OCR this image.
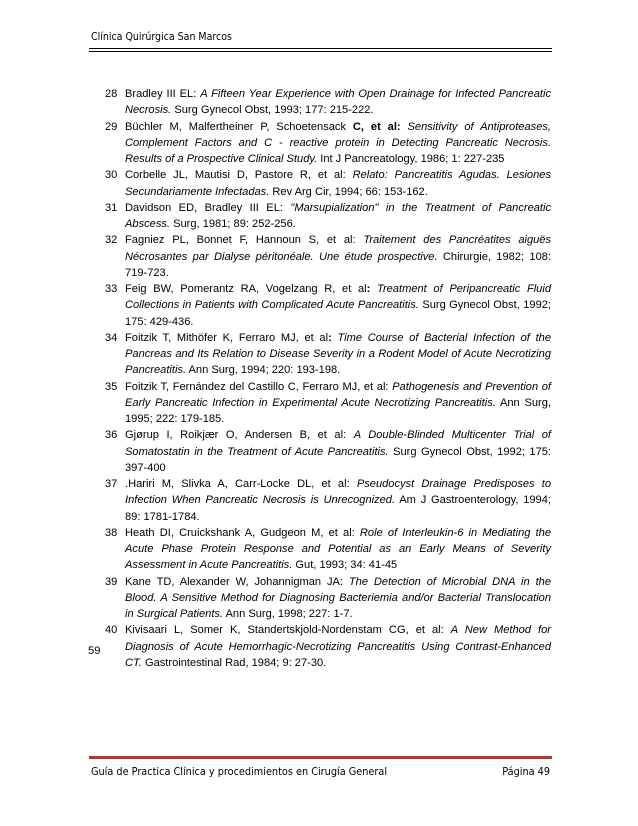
Clínica Quirúrgica San Marcos
28 Bradley III EL: A Fifteen Year Experience with Open Drainage for Infected Pancreatic Necrosis. Surg Gynecol Obst, 1993; 177: 215-222.
29 Büchler M, Malfertheiner P, Schoetensack C, et al: Sensitivity of Antiproteases, Complement Factors and C - reactive protein in Detecting Pancreatic Necrosis. Results of a Prospective Clinical Study. Int J Pancreatology, 1986; 1: 227-235
30 Corbelle JL, Mautisi D, Pastore R, et al: Relato: Pancreatitis Agudas. Lesiones Secundariamente Infectadas. Rev Arg Cir, 1994; 66: 153-162.
31 Davidson ED, Bradley III EL: "Marsupialization" in the Treatment of Pancreatic Abscess. Surg, 1981; 89: 252-256.
32 Fagniez PL, Bonnet F, Hannoun S, et al: Traitement des Pancréatites aiguës Nécrosantes par Dialyse péritonéale. Une étude prospective. Chirurgie, 1982; 108: 719-723.
33 Feig BW, Pomerantz RA, Vogelzang R, et al: Treatment of Peripancreatic Fluid Collections in Patients with Complicated Acute Pancreatitis. Surg Gynecol Obst, 1992; 175: 429-436.
34 Foitzik T, Mithöfer K, Ferraro MJ, et al: Time Course of Bacterial Infection of the Pancreas and Its Relation to Disease Severity in a Rodent Model of Acute Necrotizing Pancreatitis. Ann Surg, 1994; 220: 193-198.
35 Foitzik T, Fernández del Castillo C, Ferraro MJ, et al: Pathogenesis and Prevention of Early Pancreatic Infection in Experimental Acute Necrotizing Pancreatitis. Ann Surg, 1995; 222: 179-185.
36 Gjørup I, Roikjær O, Andersen B, et al: A Double-Blinded Multicenter Trial of Somatostatin in the Treatment of Acute Pancreatitis. Surg Gynecol Obst, 1992; 175: 397-400
37 .Hariri M, Slivka A, Carr-Locke DL, et al: Pseudocyst Drainage Predisposes to Infection When Pancreatic Necrosis is Unrecognized. Am J Gastroenterology, 1994; 89: 1781-1784.
38 Heath DI, Cruickshank A, Gudgeon M, et al: Role of Interleukin-6 in Mediating the Acute Phase Protein Response and Potential as an Early Means of Severity Assessment in Acute Pancreatitis. Gut, 1993; 34: 41-45
39 Kane TD, Alexander W, Johannigman JA: The Detection of Microbial DNA in the Blood. A Sensitive Method for Diagnosing Bacteriemia and/or Bacterial Translocation in Surgical Patients. Ann Surg, 1998; 227: 1-7.
40 Kivisaari L, Somer K, Standertskjold-Nordenstam CG, et al: A New Method for Diagnosis of Acute Hemorrhagic-Necrotizing Pancreatitis Using Contrast-Enhanced CT. Gastrointestinal Rad, 1984; 9: 27-30.
59
Guía de Practica Clínica y procedimientos en Cirugía General	Página 49
